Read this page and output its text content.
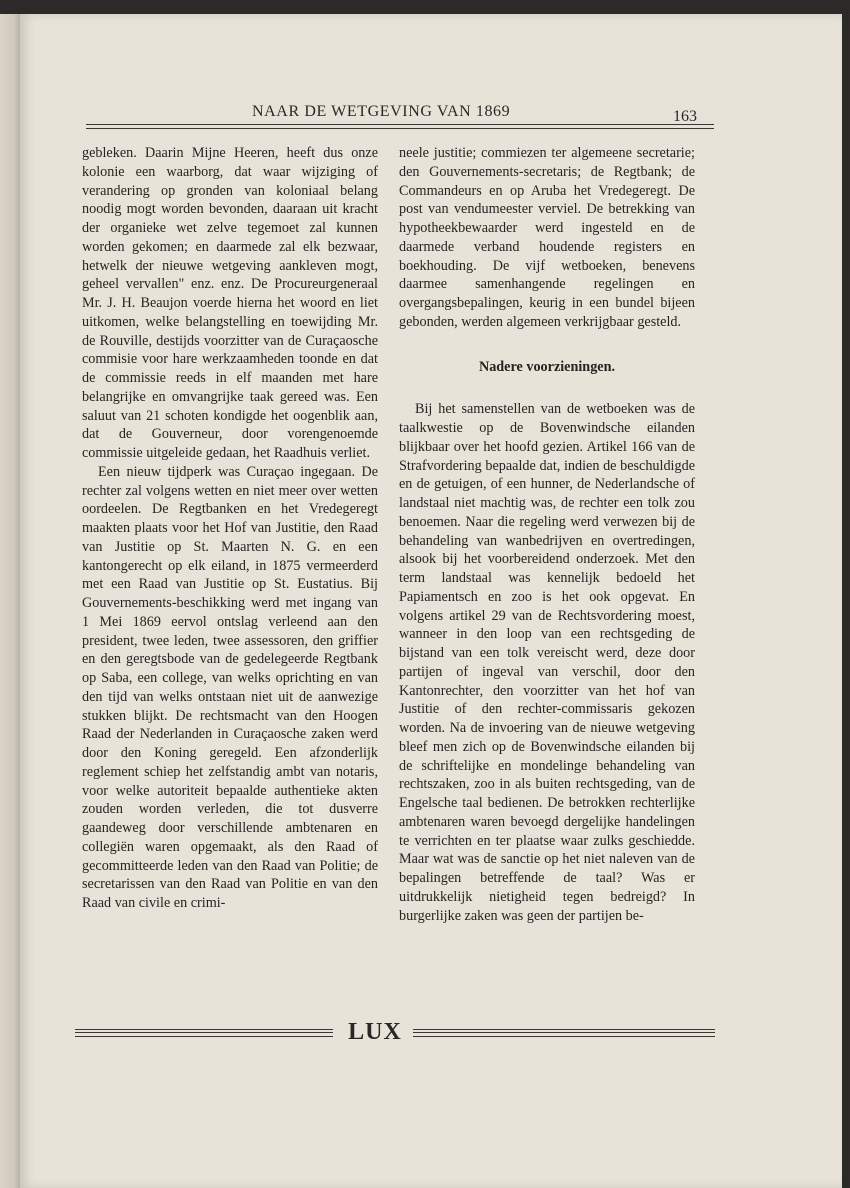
NAAR DE WETGEVING VAN 1869	163

gebleken. Daarin Mijne Heeren, heeft dus onze kolonie een waarborg, dat waar wijziging of verandering op gronden van koloniaal belang noodig mogt worden bevonden, daaraan uit kracht der organieke wet zelve tegemoet zal kunnen worden gekomen; en daarmede zal elk bezwaar, hetwelk der nieuwe wetgeving aankleven mogt, geheel vervallen" enz. enz. De Procureurgeneraal Mr. J. H. Beaujon voerde hierna het woord en liet uitkomen, welke belangstelling en toewijding Mr. de Rouville, destijds voorzitter van de Curaçaosche commisie voor hare werkzaamheden toonde en dat de commissie reeds in elf maanden met hare belangrijke en omvangrijke taak gereed was. Een saluut van 21 schoten kondigde het oogenblik aan, dat de Gouverneur, door vorengenoemde commissie uitgeleide gedaan, het Raadhuis verliet.

Een nieuw tijdperk was Curaçao ingegaan. De rechter zal volgens wetten en niet meer over wetten oordeelen. De Regtbanken en het Vredegeregt maakten plaats voor het Hof van Justitie, den Raad van Justitie op St. Maarten N. G. en een kantongerecht op elk eiland, in 1875 vermeerderd met een Raad van Justitie op St. Eustatius. Bij Gouvernements-beschikking werd met ingang van 1 Mei 1869 eervol ontslag verleend aan den president, twee leden, twee assessoren, den griffier en den geregtsbode van de gedelegeerde Regtbank op Saba, een college, van welks oprichting en van den tijd van welks ontstaan niet uit de aanwezige stukken blijkt. De rechtsmacht van den Hoogen Raad der Nederlanden in Curaçaosche zaken werd door den Koning geregeld. Een afzonderlijk reglement schiep het zelfstandig ambt van notaris, voor welke autoriteit bepaalde authentieke akten zouden worden verleden, die tot dusverre gaandeweg door verschillende ambtenaren en collegiën waren opgemaakt, als den Raad of gecommitteerde leden van den Raad van Politie; de secretarissen van den Raad van Politie en van den Raad van civile en crimi-

neele justitie; commiezen ter algemeene secretarie; den Gouvernements-secretaris; de Regtbank; de Commandeurs en op Aruba het Vredegeregt. De post van vendumeester verviel. De betrekking van hypotheekbewaarder werd ingesteld en de daarmede verband houdende registers en boekhouding. De vijf wetboeken, benevens daarmee samenhangende regelingen en overgangsbepalingen, keurig in een bundel bijeen gebonden, werden algemeen verkrijgbaar gesteld.

Nadere voorzieningen.

Bij het samenstellen van de wetboeken was de taalkwestie op de Bovenwindsche eilanden blijkbaar over het hoofd gezien. Artikel 166 van de Strafvordering bepaalde dat, indien de beschuldigde en de getuigen, of een hunner, de Nederlandsche of landstaal niet machtig was, de rechter een tolk zou benoemen. Naar die regeling werd verwezen bij de behandeling van wanbedrijven en overtredingen, alsook bij het voorbereidend onderzoek. Met den term landstaal was kennelijk bedoeld het Papiamentsch en zoo is het ook opgevat. En volgens artikel 29 van de Rechtsvordering moest, wanneer in den loop van een rechtsgeding de bijstand van een tolk vereischt werd, deze door partijen of ingeval van verschil, door den Kantonrechter, den voorzitter van het hof van Justitie of den rechter-commissaris gekozen worden. Na de invoering van de nieuwe wetgeving bleef men zich op de Bovenwindsche eilanden bij de schriftelijke en mondelinge behandeling van rechtszaken, zoo in als buiten rechtsgeding, van de Engelsche taal bedienen. De betrokken rechterlijke ambtenaren waren bevoegd dergelijke handelingen te verrichten en ter plaatse waar zulks geschiedde. Maar wat was de sanctie op het niet naleven van de bepalingen betreffende de taal? Was er uitdrukkelijk nietigheid tegen bedreigd? In burgerlijke zaken was geen der partijen be-

LUX
